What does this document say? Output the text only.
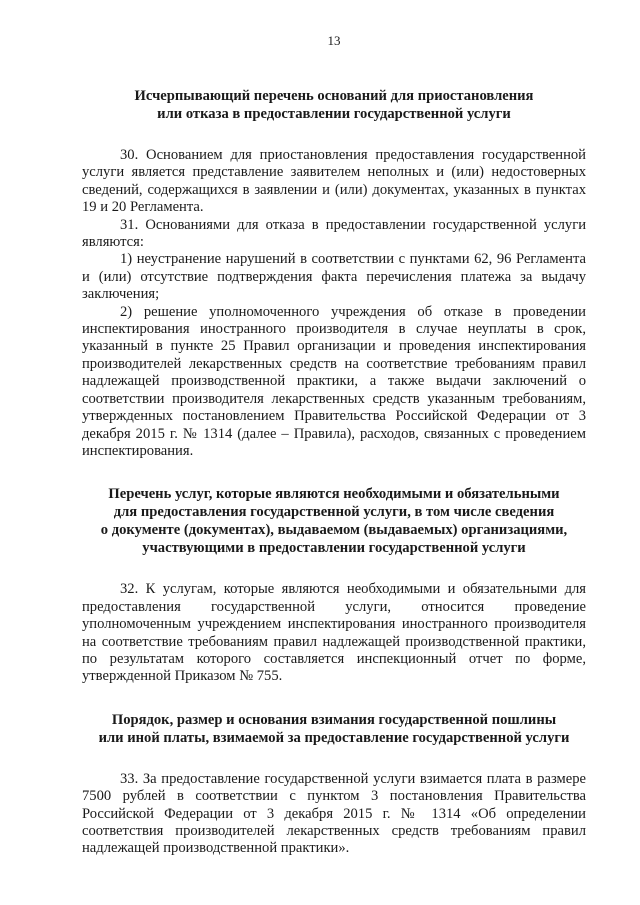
13
Исчерпывающий перечень оснований для приостановления
или отказа в предоставлении государственной услуги

30. Основанием для приостановления предоставления государственной услуги является представление заявителем неполных и (или) недостоверных сведений, содержащихся в заявлении и (или) документах, указанных в пунктах 19 и 20 Регламента.

31. Основаниями для отказа в предоставлении государственной услуги являются:

1) неустранение нарушений в соответствии с пунктами 62, 96 Регламента и (или) отсутствие подтверждения факта перечисления платежа за выдачу заключения;

2) решение уполномоченного учреждения об отказе в проведении инспектирования иностранного производителя в случае неуплаты в срок, указанный в пункте 25 Правил организации и проведения инспектирования производителей лекарственных средств на соответствие требованиям правил надлежащей производственной практики, а также выдачи заключений о соответствии производителя лекарственных средств указанным требованиям, утвержденных постановлением Правительства Российской Федерации от 3 декабря 2015 г. № 1314 (далее – Правила), расходов, связанных с проведением инспектирования.

Перечень услуг, которые являются необходимыми и обязательными
для предоставления государственной услуги, в том числе сведения
о документе (документах), выдаваемом (выдаваемых) организациями,
участвующими в предоставлении государственной услуги

32. К услугам, которые являются необходимыми и обязательными для предоставления государственной услуги, относится проведение уполномоченным учреждением инспектирования иностранного производителя на соответствие требованиям правил надлежащей производственной практики, по результатам которого составляется инспекционный отчет по форме, утвержденной Приказом № 755.

Порядок, размер и основания взимания государственной пошлины
или иной платы, взимаемой за предоставление государственной услуги

33. За предоставление государственной услуги взимается плата в размере 7500 рублей в соответствии с пунктом 3 постановления Правительства Российской Федерации от 3 декабря 2015 г. № 1314 «Об определении соответствия производителей лекарственных средств требованиям правил надлежащей производственной практики».
